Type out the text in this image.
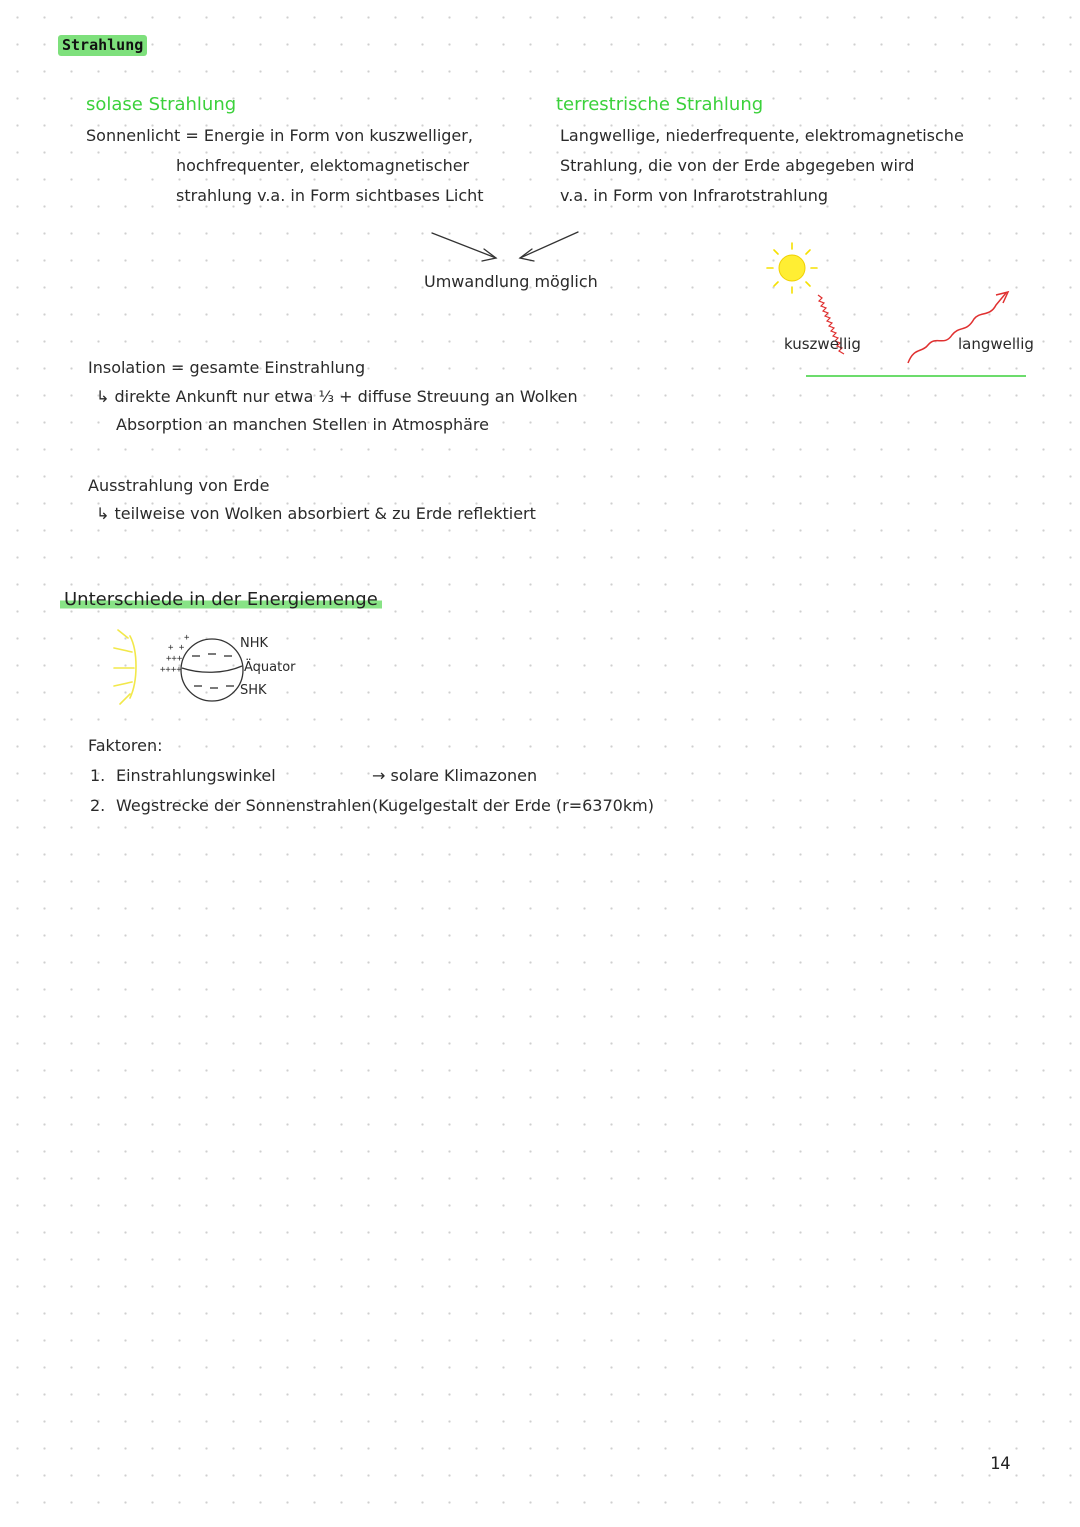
Strahlung
solase Strahlung
Sonnenlicht = Energie in Form von kuszwelliger,
hochfrequenter, elektomagnetischer
strahlung v.a. in Form sichtbases Licht
terrestrische Strahlung
Langwellige, niederfrequente, elektromagnetische
Strahlung, die von der Erde abgegeben wird
v.a. in Form von Infrarotstrahlung
Umwandlung möglich
kuszwellig	langwellig
Insolation = gesamte Einstrahlung
↳ direkte Ankunft nur etwa ⅓ + diffuse Streuung an Wolken
Absorption an manchen Stellen in Atmosphäre
Ausstrahlung von Erde
↳ teilweise von Wolken absorbiert & zu Erde reflektiert
Unterschiede in der Energiemenge
+ +
+++
++++
+	NHK
Äquator
SHK
Faktoren:
1. Einstrahlungswinkel	→ solare Klimazonen
2. Wegstrecke der Sonnenstrahlen (Kugelgestalt der Erde (r=6370km)
14
